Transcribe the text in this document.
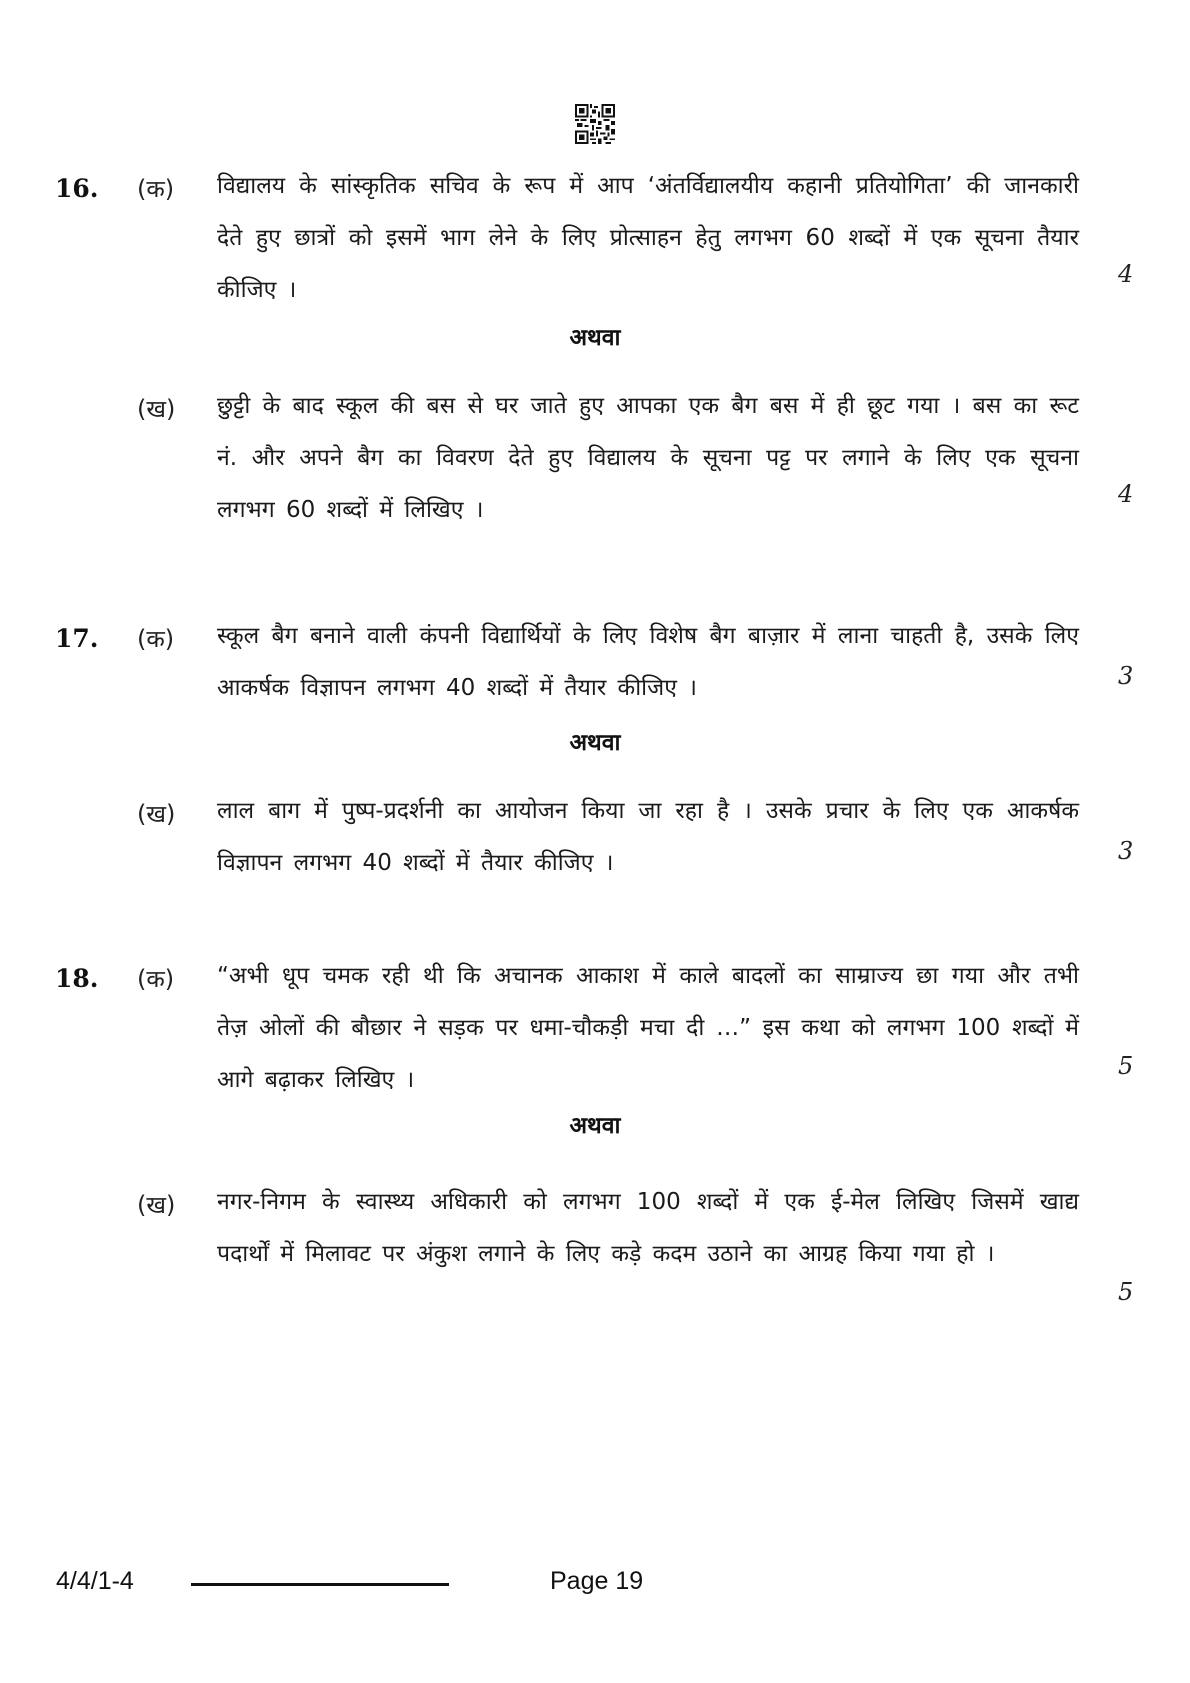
16. (क) विद्यालय के सांस्कृतिक सचिव के रूप में आप ‘अंतर्विद्यालयीय कहानी प्रतियोगिता’ की जानकारी देते हुए छात्रों को इसमें भाग लेने के लिए प्रोत्साहन हेतु लगभग 60 शब्दों में एक सूचना तैयार कीजिए ।
4
अथवा
(ख) छुट्टी के बाद स्कूल की बस से घर जाते हुए आपका एक बैग बस में ही छूट गया । बस का रूट नं. और अपने बैग का विवरण देते हुए विद्यालय के सूचना पट्ट पर लगाने के लिए एक सूचना लगभग 60 शब्दों में लिखिए ।
4
17. (क) स्कूल बैग बनाने वाली कंपनी विद्यार्थियों के लिए विशेष बैग बाज़ार में लाना चाहती है, उसके लिए आकर्षक विज्ञापन लगभग 40 शब्दों में तैयार कीजिए ।	3
अथवा
(ख) लाल बाग में पुष्प-प्रदर्शनी का आयोजन किया जा रहा है । उसके प्रचार के लिए एक आकर्षक विज्ञापन लगभग 40 शब्दों में तैयार कीजिए ।	3
18. (क) “अभी धूप चमक रही थी कि अचानक आकाश में काले बादलों का साम्राज्य छा गया और तभी तेज़ ओलों की बौछार ने सड़क पर धमा-चौकड़ी मचा दी …” इस कथा को लगभग 100 शब्दों में आगे बढ़ाकर लिखिए ।	5
अथवा
(ख) नगर-निगम के स्वास्थ्य अधिकारी को लगभग 100 शब्दों में एक ई-मेल लिखिए जिसमें खाद्य पदार्थों में मिलावट पर अंकुश लगाने के लिए कड़े कदम उठाने का आग्रह किया गया हो ।
5
4/4/1-4	Page 19
